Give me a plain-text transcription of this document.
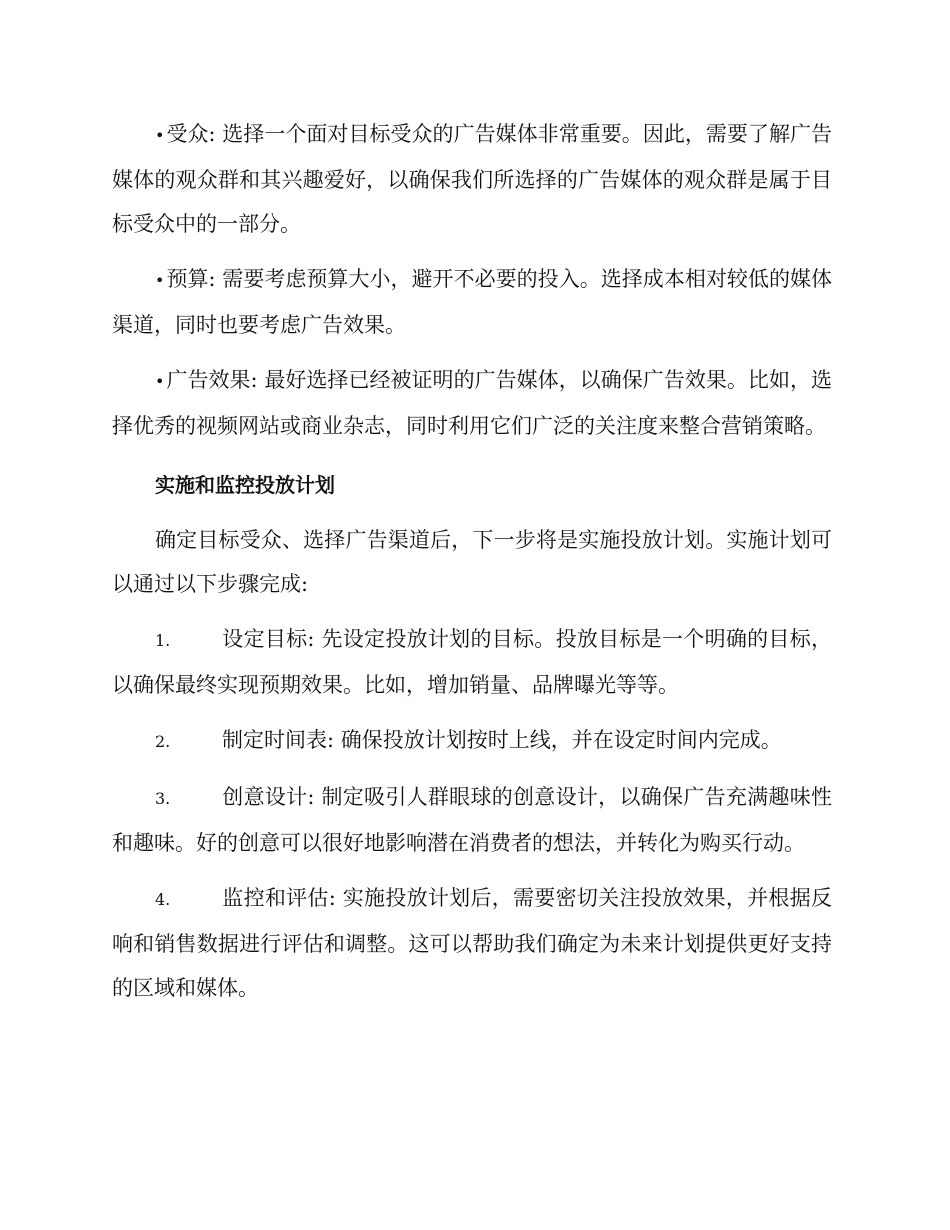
•受众: 选择一个面对目标受众的广告媒体非常重要。因此，需要了解广告媒体的观众群和其兴趣爱好，以确保我们所选择的广告媒体的观众群是属于目标受众中的一部分。

•预算: 需要考虑预算大小，避开不必要的投入。选择成本相对较低的媒体渠道，同时也要考虑广告效果。

•广告效果: 最好选择已经被证明的广告媒体，以确保广告效果。比如，选择优秀的视频网站或商业杂志，同时利用它们广泛的关注度来整合营销策略。

实施和监控投放计划

确定目标受众、选择广告渠道后，下一步将是实施投放计划。实施计划可以通过以下步骤完成:

1. 设定目标: 先设定投放计划的目标。投放目标是一个明确的目标，以确保最终实现预期效果。比如，增加销量、品牌曝光等等。

2. 制定时间表: 确保投放计划按时上线，并在设定时间内完成。

3. 创意设计: 制定吸引人群眼球的创意设计，以确保广告充满趣味性和趣味。好的创意可以很好地影响潜在消费者的想法，并转化为购买行动。

4. 监控和评估: 实施投放计划后，需要密切关注投放效果，并根据反响和销售数据进行评估和调整。这可以帮助我们确定为未来计划提供更好支持的区域和媒体。
